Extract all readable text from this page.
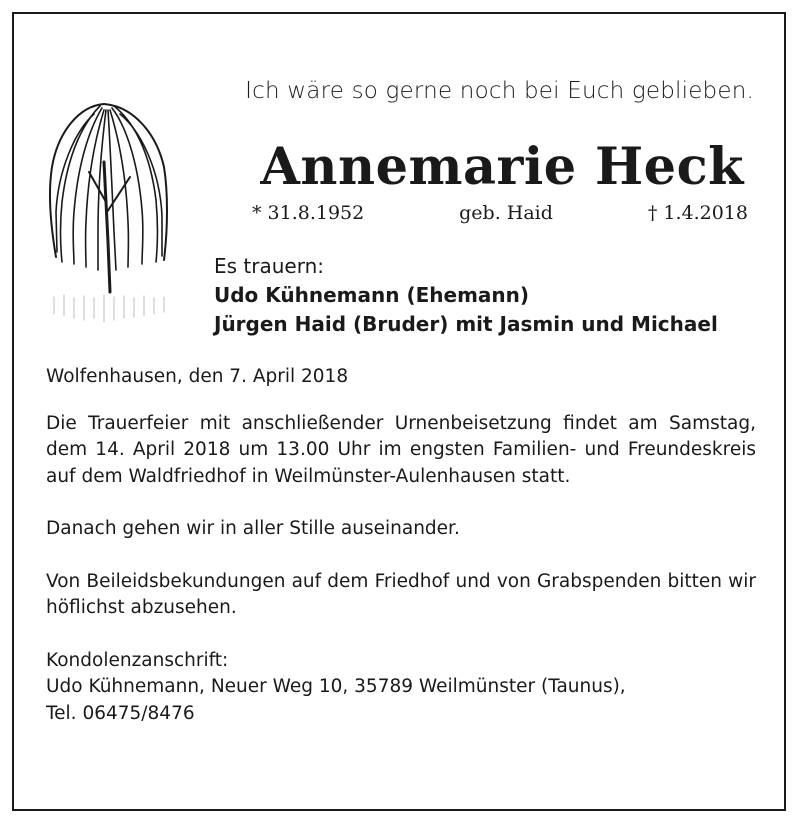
Ich wäre so gerne noch bei Euch geblieben.
Annemarie Heck
* 31.8.1952	geb. Haid	† 1.4.2018
Es trauern:
Udo Kühnemann (Ehemann)
Jürgen Haid (Bruder) mit Jasmin und Michael

Wolfenhausen, den 7. April 2018

Die Trauerfeier mit anschließender Urnenbeisetzung findet am Samstag, dem 14. April 2018 um 13.00 Uhr im engsten Familien- und Freundeskreis auf dem Waldfriedhof in Weilmünster-Aulenhausen statt.

Danach gehen wir in aller Stille auseinander.

Von Beileidsbekundungen auf dem Friedhof und von Grabspenden bitten wir höflichst abzusehen.

Kondolenzanschrift:
Udo Kühnemann, Neuer Weg 10, 35789 Weilmünster (Taunus),
Tel. 06475/8476
